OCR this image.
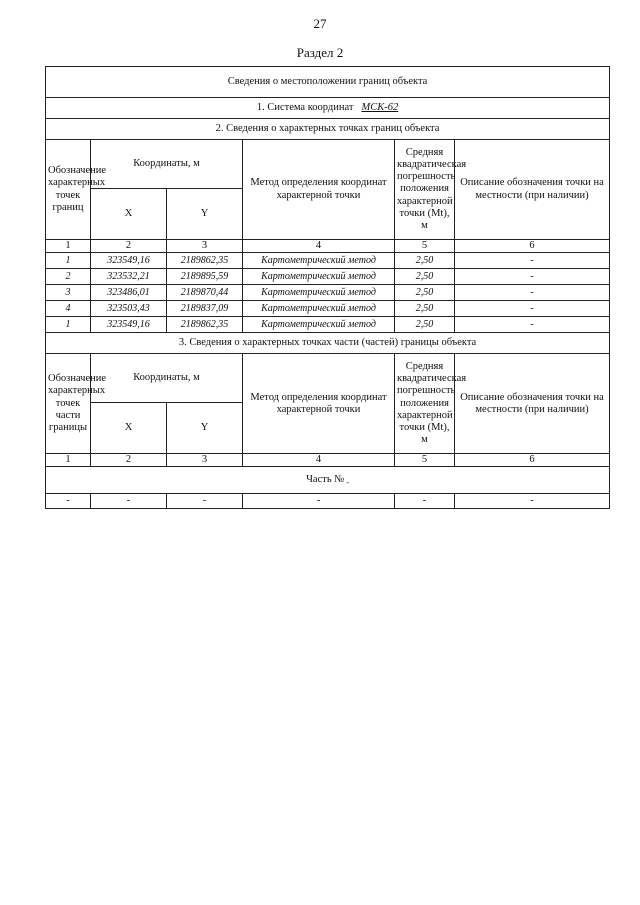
27
Раздел 2
Сведения о местоположении границ объекта					
1. Система координат МСК-62					
2. Сведения о характерных точках границ объекта					
Обозначение характерных точек границ	Координаты, м		Метод определения координат характерной точки	Средняя квадратическая погрешность положения характерной точки (Mt), м	Описание обозначения точки на местности (при наличии)
	X	Y			
1	2	3	4	5	6
1	323549,16	2189862,35	Картометрический метод	2,50	-
2	323532,21	2189895,59	Картометрический метод	2,50	-
3	323486,01	2189870,44	Картометрический метод	2,50	-
4	323503,43	2189837,09	Картометрический метод	2,50	-
1	323549,16	2189862,35	Картометрический метод	2,50	-
3. Сведения о характерных точках части (частей) границы объекта					
Обозначение характерных точек части границы	Координаты, м		Метод определения координат характерной точки	Средняя квадратическая погрешность положения характерной точки (Mt), м	Описание обозначения точки на местности (при наличии)
	X	Y			
1	2	3	4	5	6
Часть № $_-$
-	-	-	-	-	-
